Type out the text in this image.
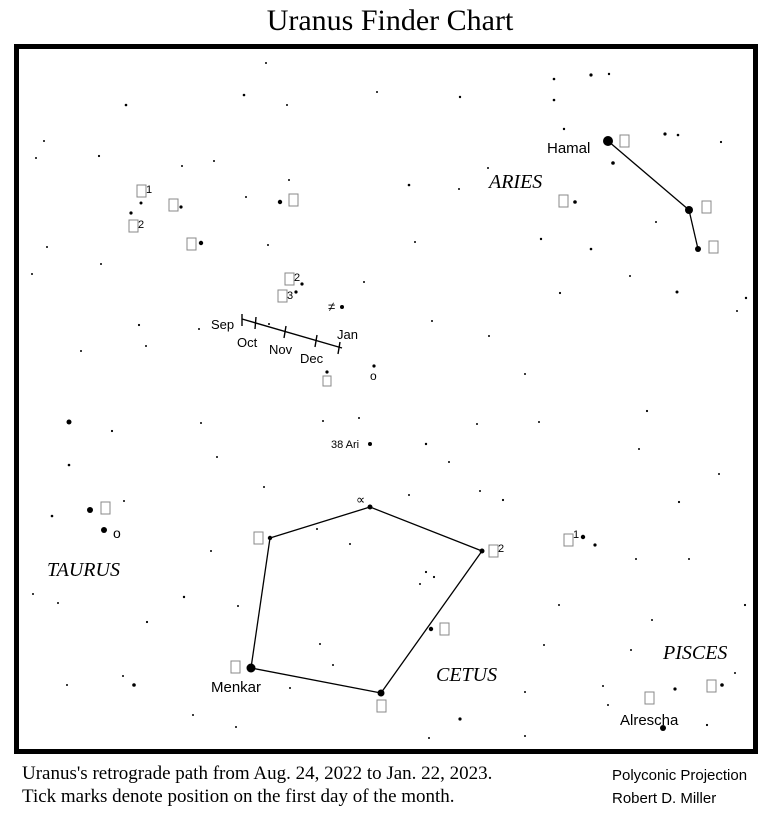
Uranus Finder Chart
ARIES
TAURUS
CETUS
PISCES
Hamal
Menkar
Alrescha
38 Ari
Sep
Oct Nov
Dec
Jan
∝
≠
o
o
1
2
2
3
2
1
Uranus's retrograde path from Aug. 24, 2022 to Jan. 22, 2023.
Tick marks denote position on the first day of the month.
Polyconic Projection
Robert D. Miller
